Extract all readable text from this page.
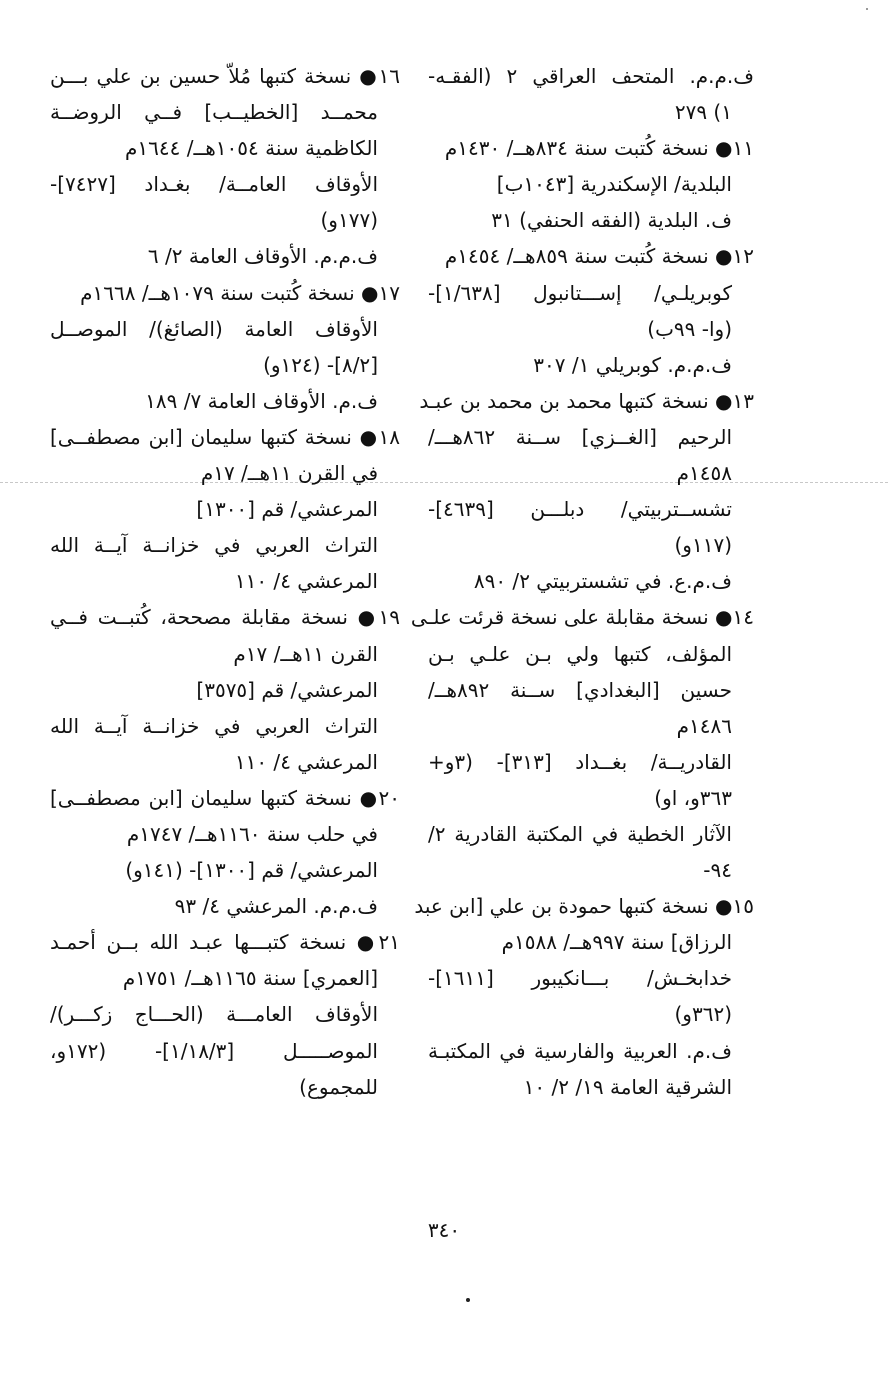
ف.م.م. المتحف العراقي ٢ (الفقـه-
١) ٢٧٩
١١● نسخة كُتبت سنة ٨٣٤هــ/ ١٤٣٠م
البلدية/ الإسكندرية [١٠٤٣ب]
ف. البلدية (الفقه الحنفي) ٣١
١٢● نسخة كُتبت سنة ٨٥٩هــ/ ١٤٥٤م
كوبريلـي/ إســـتانبول [١/٦٣٨]-
(وا- ٩٩ب)
ف.م.م. كوبريلي ١/ ٣٠٧
١٣● نسخة كتبها محمد بن محمد بن عبـد
الرحيم [الغــزي] ســنة ٨٦٢هـــ/
١٤٥٨م
تشســتربيتي/ دبلـــن [٤٦٣٩]-
(١١٧و)
ف.م.ع. في تشستربيتي ٢/ ٨٩٠
١٤● نسخة مقابلة على نسخة قرئت علـى
المؤلف، كتبها ولي بـن علـي بـن
حسين [البغدادي] ســنة ٨٩٢هــ/
١٤٨٦م
القادريــة/ بغــداد [٣١٣]- (٣و+
٣٦٣و، او)
الآثار الخطية في المكتبة القادرية ٢/
٩٤-
١٥● نسخة كتبها حمودة بن علي [ابن عبد
الرزاق] سنة ٩٩٧هــ/ ١٥٨٨م
خدابخـش/ بـــانكيبور [١٦١١]-
(٣٦٢و)
ف.م. العربية والفارسية في المكتبـة
الشرقية العامة ١٩/ ٢/ ١٠
١٦● نسخة كتبها مُلاّ حسين بن علي بـــن
محمــد [الخطيــب] فــي الروضــة
الكاظمية سنة ١٠٥٤هــ/ ١٦٤٤م
الأوقاف العامــة/ بغـداد [٧٤٢٧]-
(١٧٧و)
ف.م.م. الأوقاف العامة ٢/ ٦
١٧● نسخة كُتبت سنة ١٠٧٩هــ/ ١٦٦٨م
الأوقاف العامة (الصائغ)/ الموصــل
[٨/٢]- (١٢٤و)
ف.م. الأوقاف العامة ٧/ ١٨٩
١٨● نسخة كتبها سليمان [ابن مصطفــى]
في القرن ١١هــ/ ١٧م
المرعشي/ قم [١٣٠٠]
التراث العربي في خزانــة آيــة الله
المرعشي ٤/ ١١٠
١٩● نسخة مقابلة مصححة، كُتبــت فــي
القرن ١١هــ/ ١٧م
المرعشي/ قم [٣٥٧٥]
التراث العربي في خزانــة آيــة الله
المرعشي ٤/ ١١٠
٢٠● نسخة كتبها سليمان [ابن مصطفــى]
في حلب سنة ١١٦٠هــ/ ١٧٤٧م
المرعشي/ قم [١٣٠٠]- (١٤١و)
ف.م.م. المرعشي ٤/ ٩٣
٢١● نسخة كتبـــها عبـد الله بــن أحمـد
[العمري] سنة ١١٦٥هــ/ ١٧٥١م
الأوقاف العامـــة (الحـــاج زكـــر)/
الموصـــــل [١/١٨/٣]- (١٧٢و،
للمجموع)
٣٤٠
